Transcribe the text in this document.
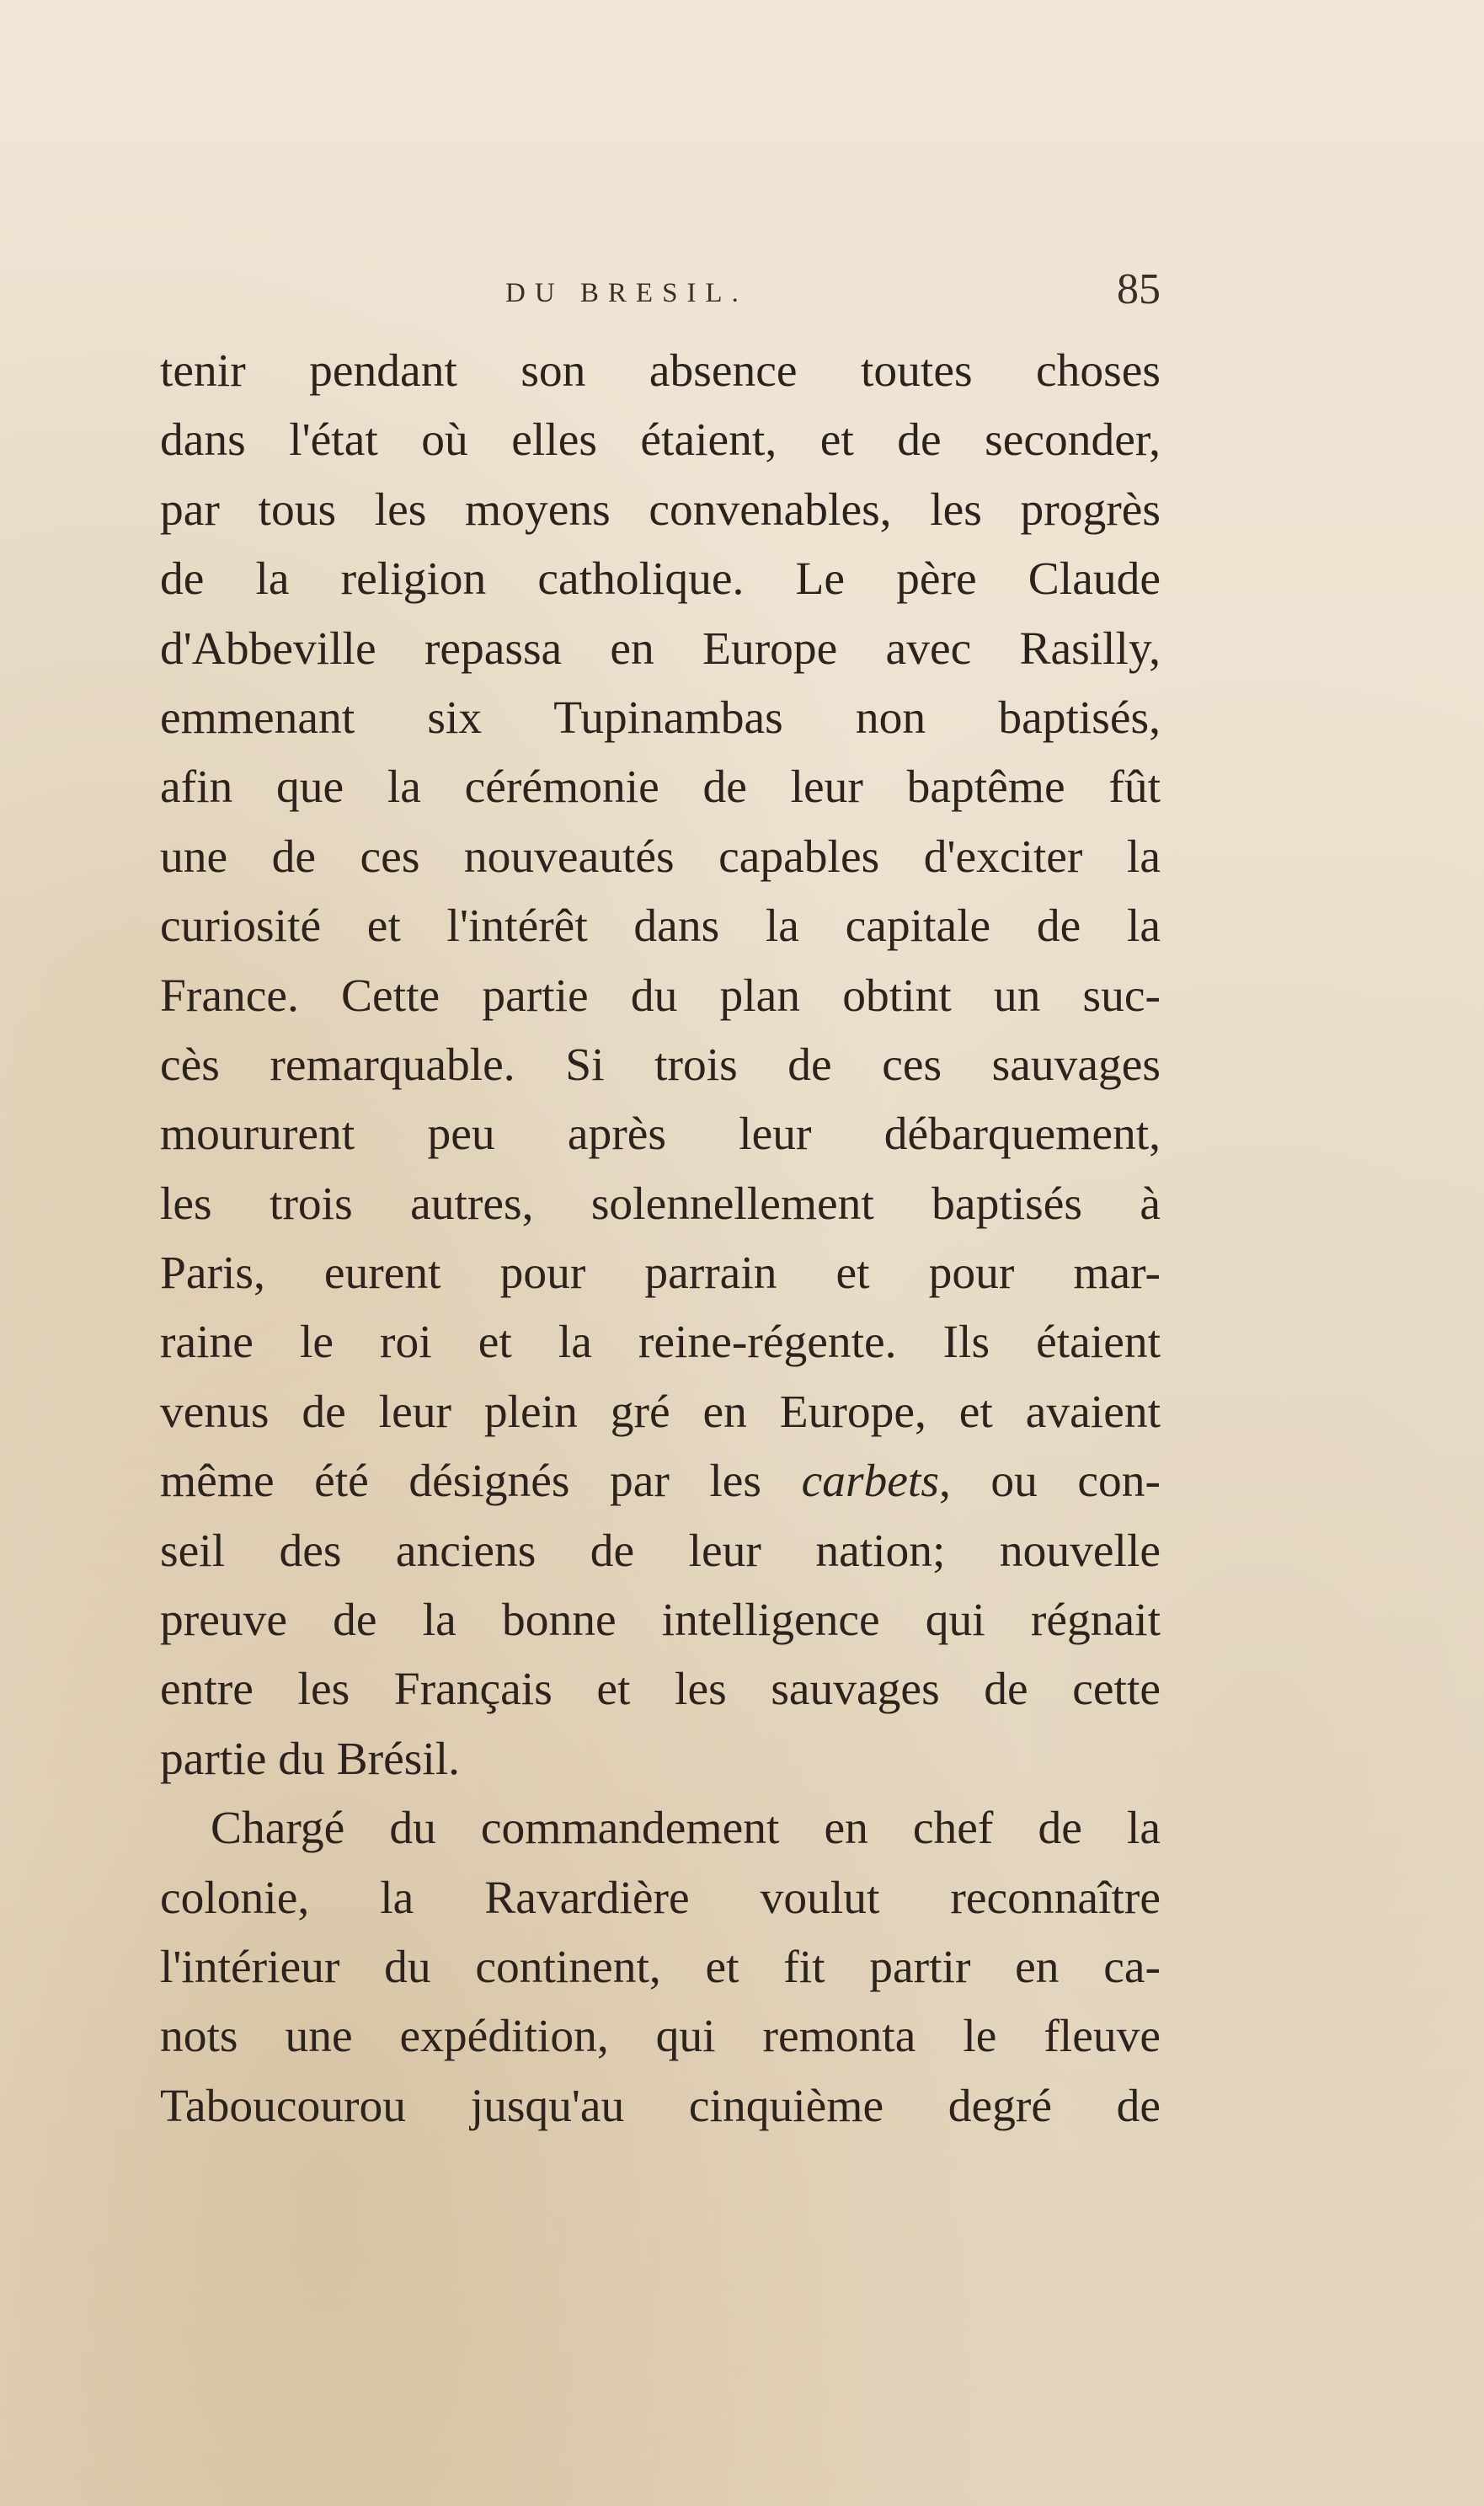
DU BRESIL.	85
tenir pendant son absence toutes choses
dans l'état où elles étaient, et de seconder,
par tous les moyens convenables, les progrès
de la religion catholique. Le père Claude
d'Abbeville repassa en Europe avec Rasilly,
emmenant six Tupinambas non baptisés,
afin que la cérémonie de leur baptême fût
une de ces nouveautés capables d'exciter la
curiosité et l'intérêt dans la capitale de la
France. Cette partie du plan obtint un suc-
cès remarquable. Si trois de ces sauvages
moururent peu après leur débarquement,
les trois autres, solennellement baptisés à
Paris, eurent pour parrain et pour mar-
raine le roi et la reine-régente. Ils étaient
venus de leur plein gré en Europe, et avaient
même été désignés par les carbets, ou con-
seil des anciens de leur nation; nouvelle
preuve de la bonne intelligence qui régnait
entre les Français et les sauvages de cette
partie du Brésil.
Chargé du commandement en chef de la
colonie, la Ravardière voulut reconnaître
l'intérieur du continent, et fit partir en ca-
nots une expédition, qui remonta le fleuve
Taboucourou jusqu'au cinquième degré de
